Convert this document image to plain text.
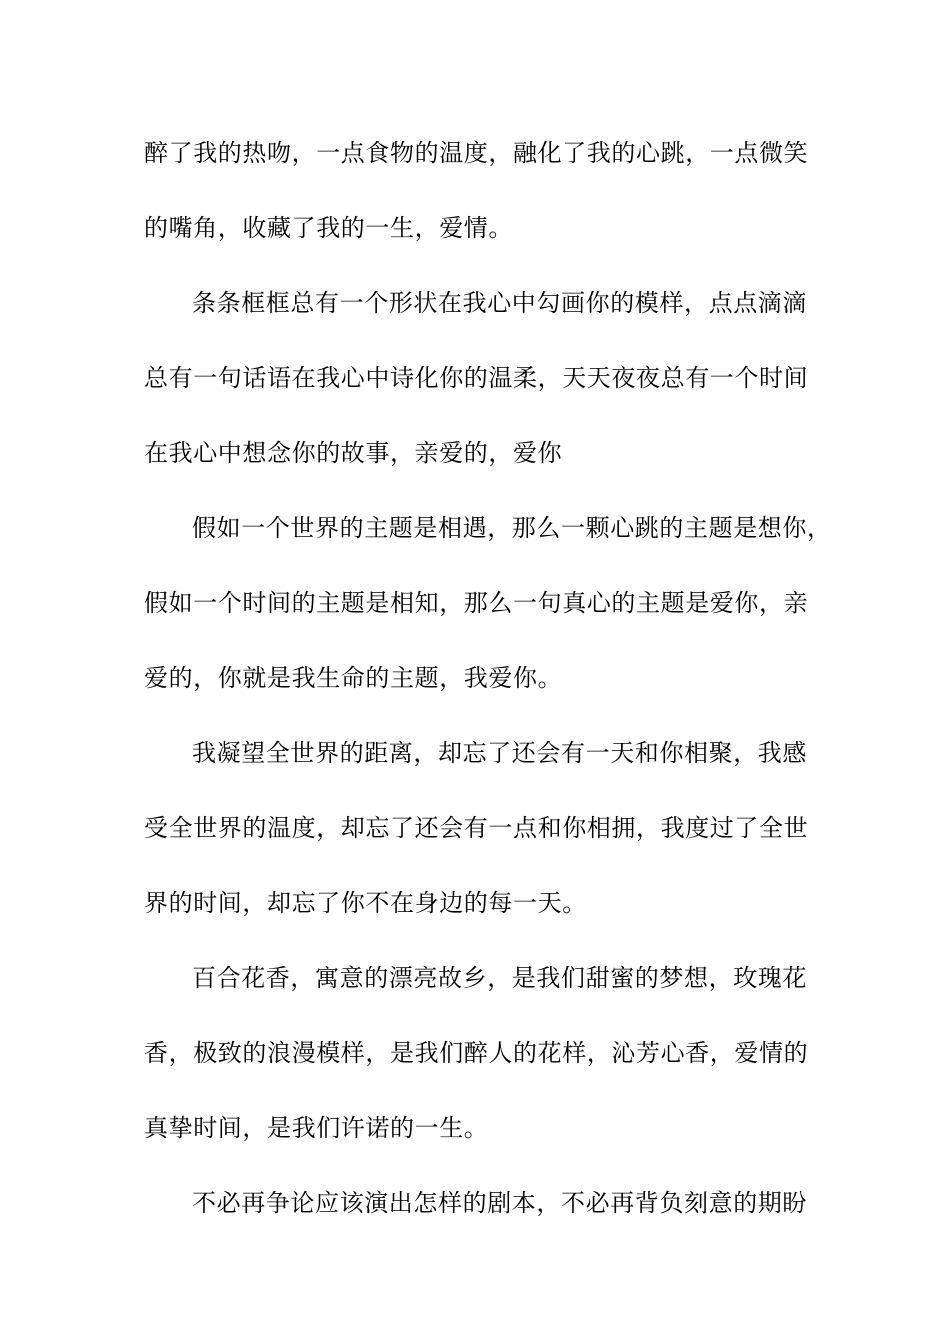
醉了我的热吻，一点食物的温度，融化了我的心跳，一点微笑
的嘴角，收藏了我的一生，爱情。
条条框框总有一个形状在我心中勾画你的模样，点点滴滴
总有一句话语在我心中诗化你的温柔，天天夜夜总有一个时间
在我心中想念你的故事，亲爱的，爱你
假如一个世界的主题是相遇，那么一颗心跳的主题是想你，
假如一个时间的主题是相知，那么一句真心的主题是爱你，亲
爱的，你就是我生命的主题，我爱你。
我凝望全世界的距离，却忘了还会有一天和你相聚，我感
受全世界的温度，却忘了还会有一点和你相拥，我度过了全世
界的时间，却忘了你不在身边的每一天。
百合花香，寓意的漂亮故乡，是我们甜蜜的梦想，玫瑰花
香，极致的浪漫模样，是我们醉人的花样，沁芳心香，爱情的
真挚时间，是我们许诺的一生。
不必再争论应该演出怎样的剧本，不必再背负刻意的期盼
